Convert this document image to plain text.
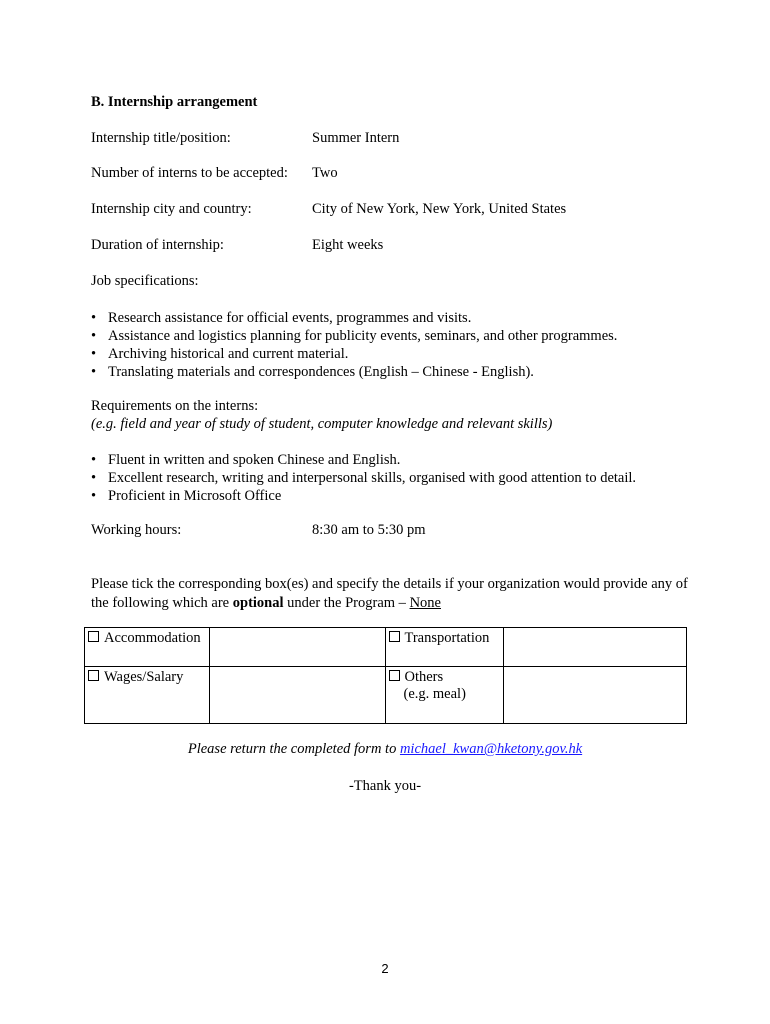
B. Internship arrangement
Internship title/position:	Summer Intern
Number of interns to be accepted: Two
Internship city and country:	City of New York, New York, United States
Duration of internship:	Eight weeks
Job specifications:
• Research assistance for official events, programmes and visits.
• Assistance and logistics planning for publicity events, seminars, and other programmes.
• Archiving historical and current material.
• Translating materials and correspondences (English – Chinese - English).
Requirements on the interns:
(e.g. field and year of study of student, computer knowledge and relevant skills)
• Fluent in written and spoken Chinese and English.
• Excellent research, writing and interpersonal skills, organised with good attention to detail.
• Proficient in Microsoft Office
Working hours:	8:30 am to 5:30 pm
Please tick the corresponding box(es) and specify the details if your organization would provide any of the following which are optional under the Program – None
Accommodation		Transportation	
Wages/Salary		Others
(e.g. meal)	

Please return the completed form to michael_kwan@hketony.gov.hk
-Thank you-
2
